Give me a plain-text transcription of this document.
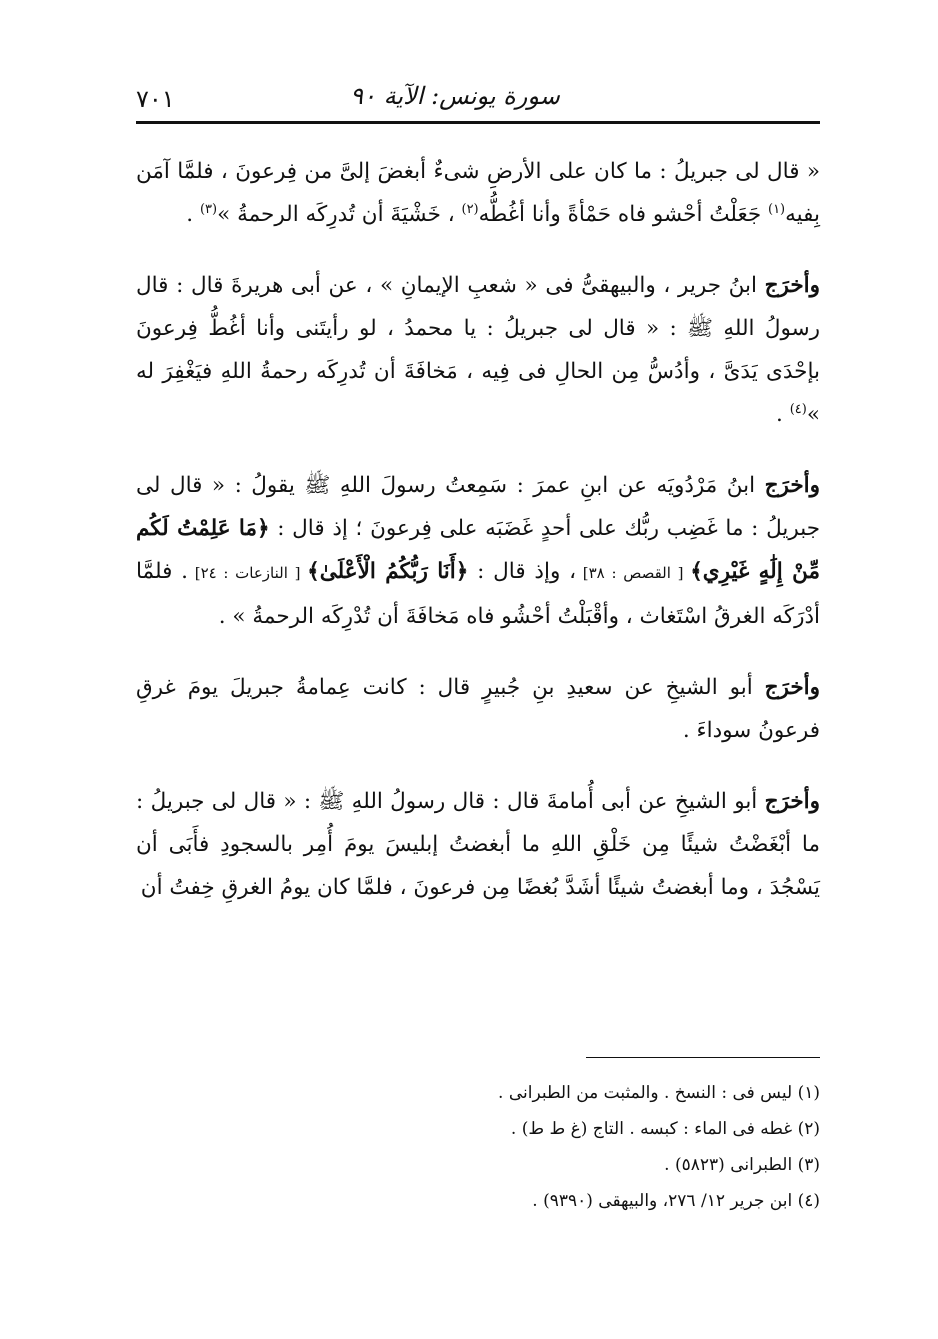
٧٠١	سورة يونس: الآية ٩٠

« قال لى جبريلُ : ما كان على الأرضِ شىءٌ أبغضَ إلىَّ من فِرعونَ ، فلمَّا آمَن بِفيه$^{(١)}$ جَعَلْتُ أحْشو فاه حَمْأةً وأنا أغُطُّه$^{(٢)}$ ، خَشْيَةَ أن تُدرِكَه الرحمةُ »$^{(٣)}$ .

وأخرَج ابنُ جرير ، والبيهقىُّ فى « شعبِ الإيمانِ » ، عن أبى هريرةَ قال : قال رسولُ اللهِ ﷺ : « قال لى جبريلُ : يا محمدُ ، لو رأيتَنى وأنا أغُطُّ فِرعونَ بإحْدَى يَدَىَّ ، وأدُسُّ مِن الحالِ فى فِيه ، مَخافَةَ أن تُدرِكَه رحمةُ اللهِ فيَغْفِرَ له »$^{(٤)}$ .

وأخرَج ابنُ مَرْدُويَه عن ابنِ عمرَ : سَمِعتُ رسولَ اللهِ ﷺ يقولُ : « قال لى جبريلُ : ما غَضِب ربُّك على أحدٍ غَضَبَه على فِرعونَ ؛ إذ قال : ﴿مَا عَلِمْتُ لَكُم مِّنْ إِلَٰهٍ غَيْرِي﴾ [ القصص : ٣٨] ، وإذ قال : ﴿أَنَا رَبُّكُمُ الْأَعْلَىٰ﴾ [ النازعات : ٢٤] . فلمَّا أدْرَكَه الغرقُ اسْتَغاث ، وأقْبَلْتُ أحْشُو فاه مَخافَةَ أن تُدْرِكَه الرحمةُ » .

وأخرَج أبو الشيخِ عن سعيدِ بنِ جُبيرٍ قال : كانت عِمامةُ جبريلَ يومَ غرقِ فرعونُ سوداءَ .

وأخرَج أبو الشيخِ عن أبى أُمامةَ قال : قال رسولُ اللهِ ﷺ : « قال لى جبريلُ : ما أبْغَضْتُ شيئًا مِن خَلْقِ اللهِ ما أبغضتُ إبليسَ يومَ أُمِر بالسجودِ فأَبَى أن يَسْجُدَ ، وما أبغضتُ شيئًا أشَدَّ بُغضًا مِن فرعونَ ، فلمَّا كان يومُ الغرقِ خِفتُ أن

(١) ليس فى : النسخ . والمثبت من الطبرانى .

(٢) غطه فى الماء : كبسه . التاج (غ ط ط) .

(٣) الطبرانى (٥٨٢٣) .

(٤) ابن جرير ١٢/ ٢٧٦، والبيهقى (٩٣٩٠) .
